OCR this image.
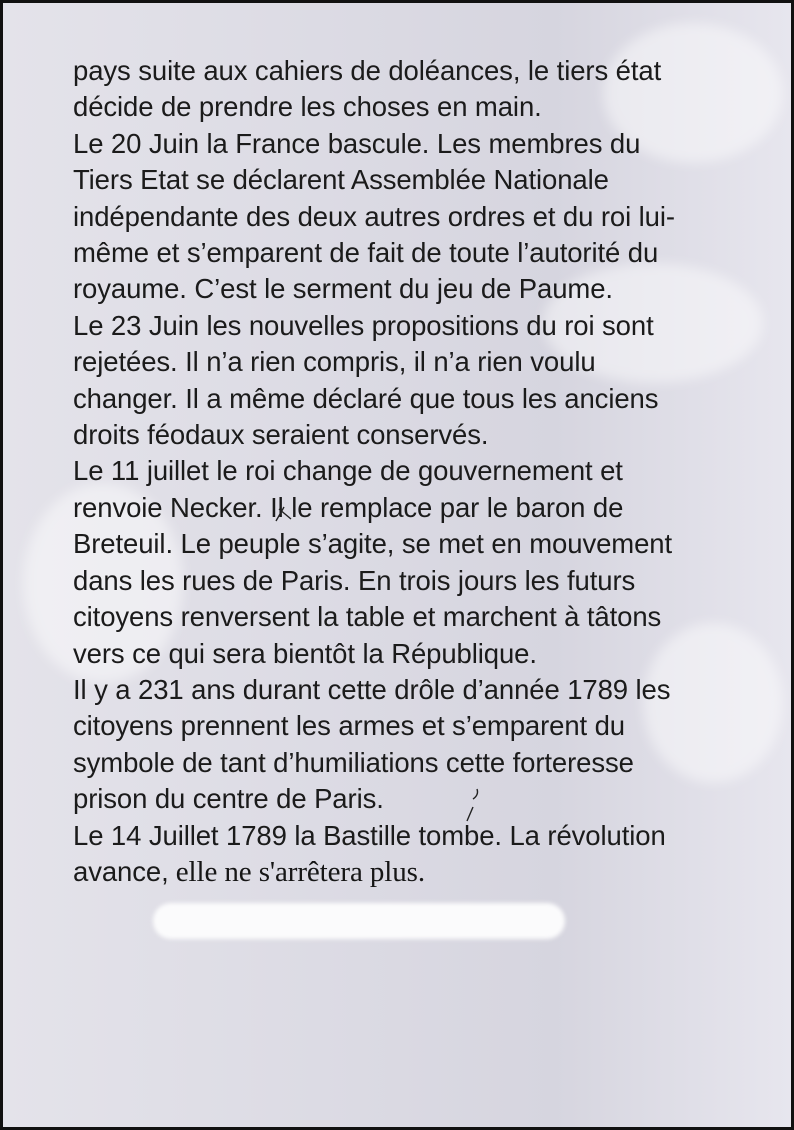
pays suite aux cahiers de doléances, le tiers état
décide de prendre les choses en main.
Le 20 Juin la France bascule. Les membres du
Tiers Etat se déclarent Assemblée Nationale
indépendante des deux autres ordres et du roi lui-
même et s’emparent de fait de toute l’autorité du
royaume. C’est le serment du jeu de Paume.
Le 23 Juin les nouvelles propositions du roi sont
rejetées. Il n’a rien compris, il n’a rien voulu
changer. Il a même déclaré que tous les anciens
droits féodaux seraient conservés.
Le 11 juillet le roi change de gouvernement et
renvoie Necker. Il le remplace par le baron de
Breteuil. Le peuple s’agite, se met en mouvement
dans les rues de Paris. En trois jours les futurs
citoyens renversent la table et marchent à tâtons
vers ce qui sera bientôt la République.
Il y a 231 ans durant cette drôle d’année 1789 les
citoyens prennent les armes et s’emparent du
symbole de tant d’humiliations cette forteresse
prison du centre de Paris.
Le 14 Juillet 1789 la Bastille tombe. La révolution
avance, elle ne s'arrêtera plus.
